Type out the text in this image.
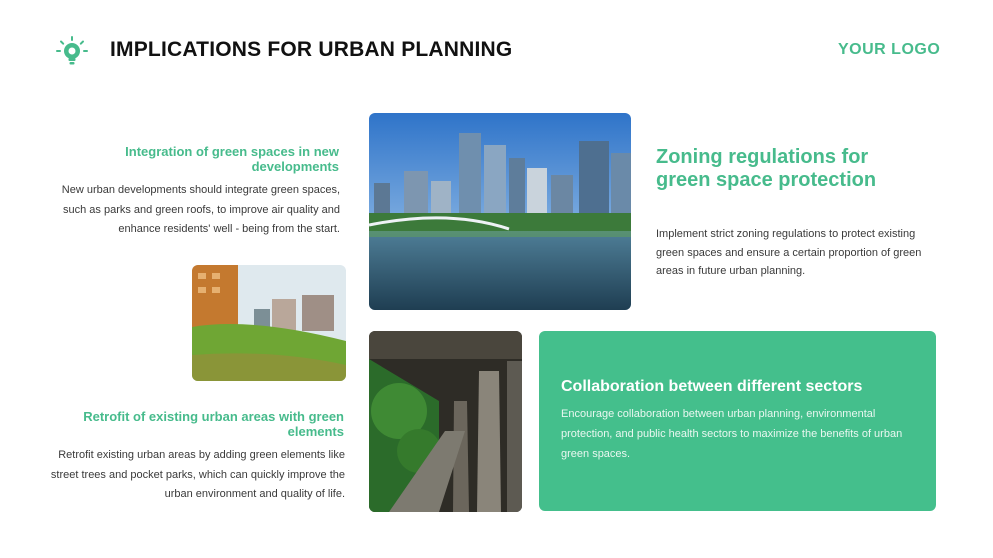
IMPLICATIONS FOR URBAN PLANNING	YOUR LOGO
Integration of green spaces in new developments
New urban developments should integrate green spaces, such as parks and green roofs, to improve air quality and enhance residents' well - being from the start.
Retrofit of existing urban areas with green elements
Retrofit existing urban areas by adding green elements like street trees and pocket parks, which can quickly improve the urban environment and quality of life.
Zoning regulations for green space protection
Implement strict zoning regulations to protect existing green spaces and ensure a certain proportion of green areas in future urban planning.
Collaboration between different sectors
Encourage collaboration between urban planning, environmental protection, and public health sectors to maximize the benefits of urban green spaces.
